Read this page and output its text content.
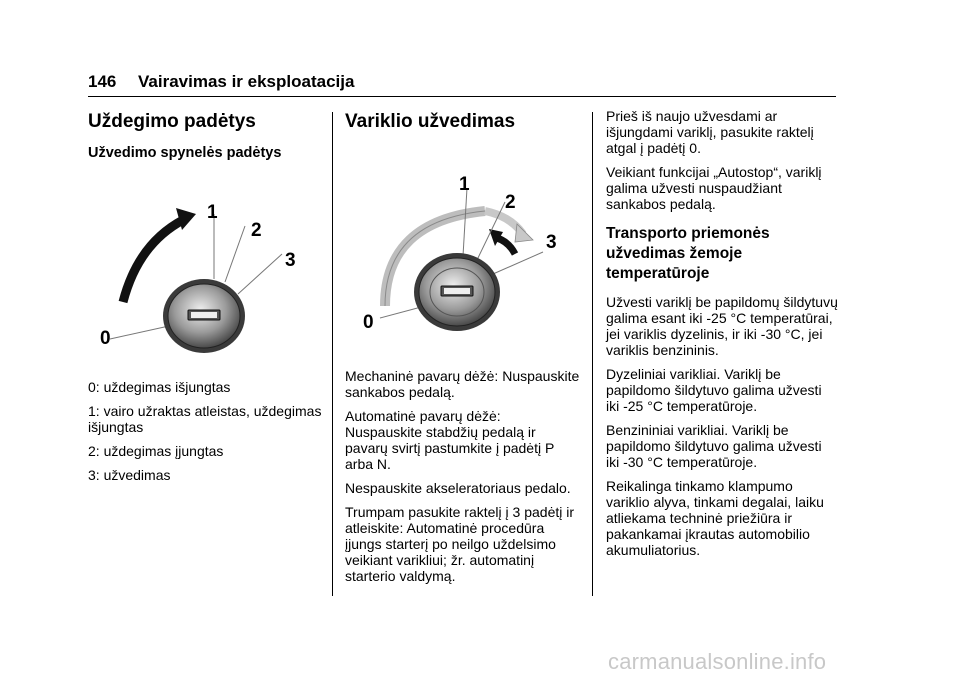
146 Vairavimas ir eksploatacija
Uždegimo padėtys
Užvedimo spynelės padėtys
1
2
3
0

0: uždegimas išjungtas

1: vairo užraktas atleistas, uždegimas išjungtas

2: uždegimas įjungtas

3: užvedimas

Variklio užvedimas
1
2
3
0

Mechaninė pavarų dėžė: Nuspauskite sankabos pedalą.

Automatinė pavarų dėžė: Nuspauskite stabdžių pedalą ir pavarų svirtį pastumkite į padėtį P arba N.

Nespauskite akseleratoriaus pedalo.

Trumpam pasukite raktelį į 3 padėtį ir atleiskite: Automatinė procedūra įjungs starterį po neilgo uždelsimo veikiant varikliui; žr. automatinį starterio valdymą.

Prieš iš naujo užvesdami ar išjungdami variklį, pasukite raktelį atgal į padėtį 0.

Veikiant funkcijai „Autostop“, variklį galima užvesti nuspaudžiant sankabos pedalą.

Transporto priemonės užvedimas žemoje temperatūroje

Užvesti variklį be papildomų šildytuvų galima esant iki -25 °C temperatūrai, jei variklis dyzelinis, ir iki -30 °C, jei variklis benzininis.

Dyzeliniai varikliai. Variklį be papildomo šildytuvo galima užvesti iki -25 °C temperatūroje.

Benzininiai varikliai. Variklį be papildomo šildytuvo galima užvesti iki -30 °C temperatūroje.

Reikalinga tinkamo klampumo variklio alyva, tinkami degalai, laiku atliekama techninė priežiūra ir pakankamai įkrautas automobilio akumuliatorius.

carmanualsonline.info
